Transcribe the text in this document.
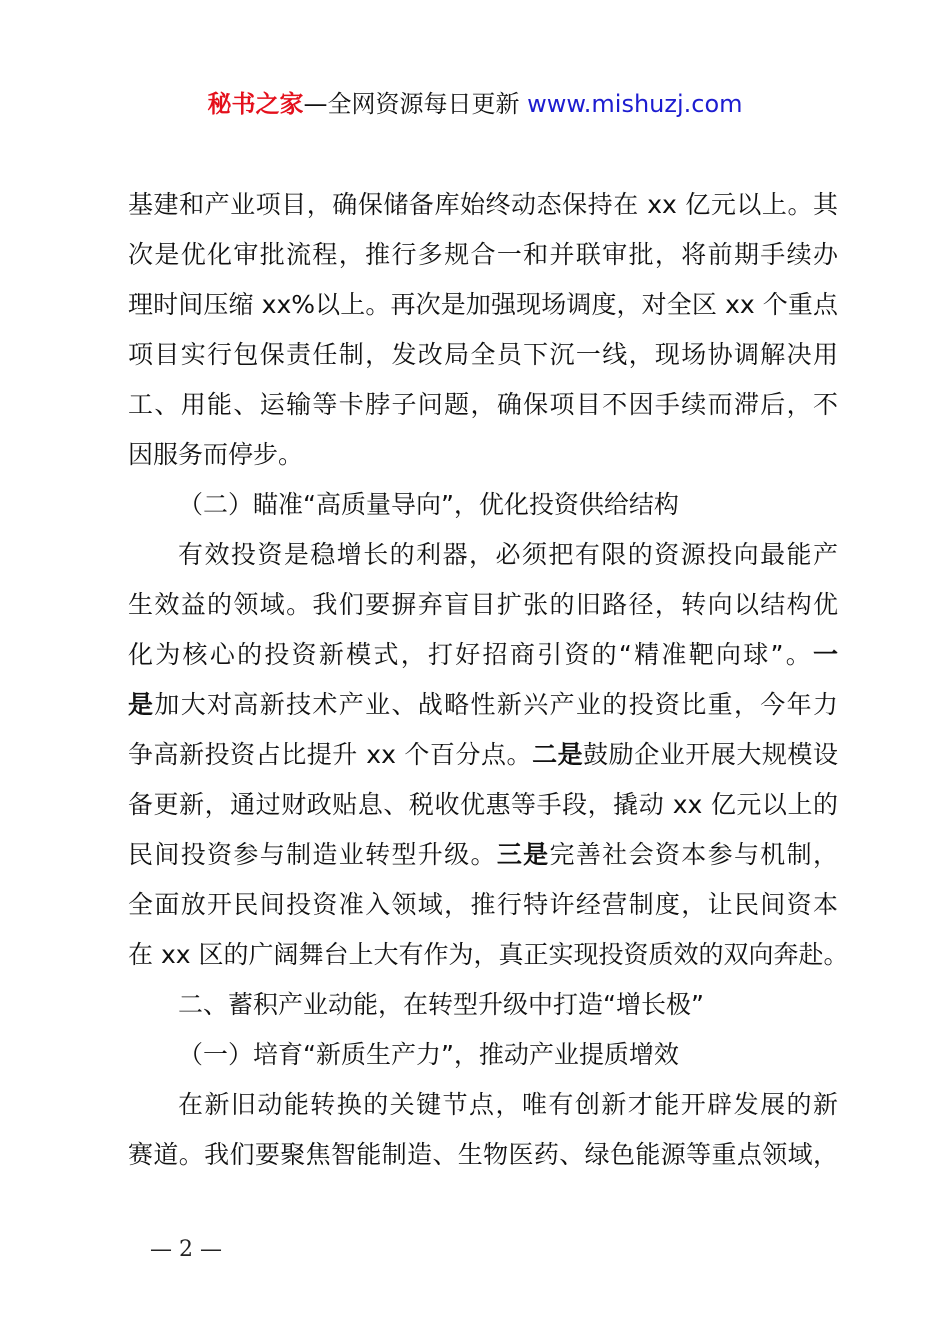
秘书之家—全网资源每日更新 www.mishuzj.com
基建和产业项目，确保储备库始终动态保持在 xx 亿元以上。其
次是优化审批流程，推行多规合一和并联审批，将前期手续办
理时间压缩 xx%以上。再次是加强现场调度，对全区 xx 个重点
项目实行包保责任制，发改局全员下沉一线，现场协调解决用
工、用能、运输等卡脖子问题，确保项目不因手续而滞后，不
因服务而停步。
（二）瞄准“高质量导向”，优化投资供给结构
有效投资是稳增长的利器，必须把有限的资源投向最能产
生效益的领域。我们要摒弃盲目扩张的旧路径，转向以结构优
化为核心的投资新模式，打好招商引资的“精准靶向球”。一
是加大对高新技术产业、战略性新兴产业的投资比重，今年力
争高新投资占比提升 xx 个百分点。二是鼓励企业开展大规模设
备更新，通过财政贴息、税收优惠等手段，撬动 xx 亿元以上的
民间投资参与制造业转型升级。三是完善社会资本参与机制，
全面放开民间投资准入领域，推行特许经营制度，让民间资本
在 xx 区的广阔舞台上大有作为，真正实现投资质效的双向奔赴。
二、蓄积产业动能，在转型升级中打造“增长极”
（一）培育“新质生产力”，推动产业提质增效
在新旧动能转换的关键节点，唯有创新才能开辟发展的新
赛道。我们要聚焦智能制造、生物医药、绿色能源等重点领域，
— 2 —
